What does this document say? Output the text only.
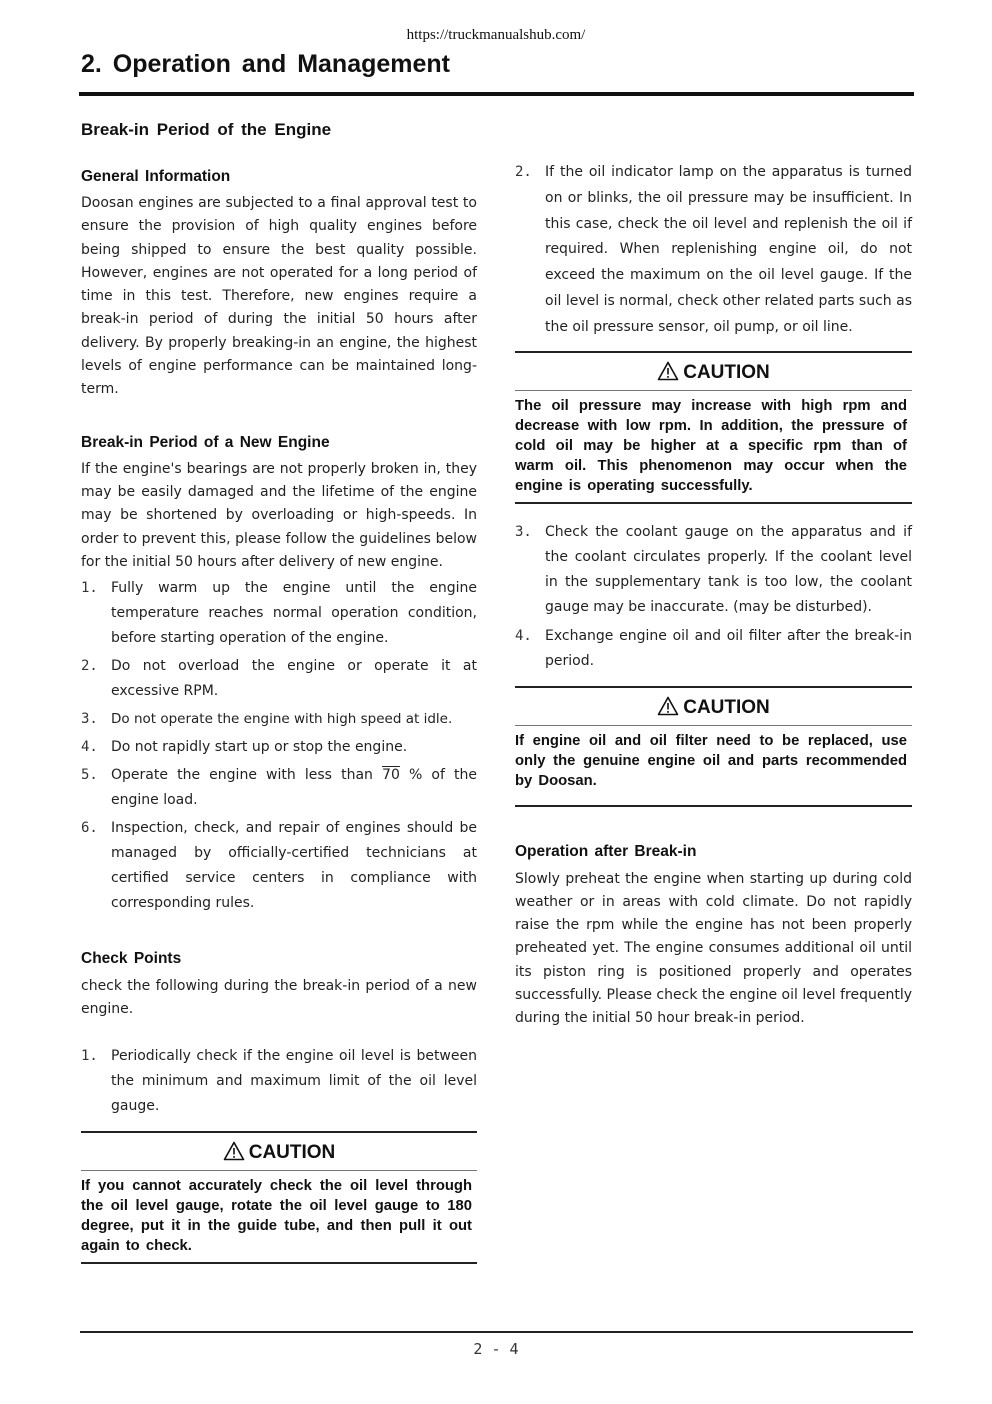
https://truckmanualshub.com/
2. Operation and Management
Break-in Period of the Engine
General Information

Doosan engines are subjected to a final approval test to ensure the provision of high quality engines before being shipped to ensure the best quality possible. However, engines are not operated for a long period of time in this test. Therefore, new engines require a break-in period of during the initial 50 hours after delivery. By properly breaking-in an engine, the highest levels of engine performance can be maintained long-term.

Break-in Period of a New Engine

If the engine's bearings are not properly broken in, they may be easily damaged and the lifetime of the engine may be shortened by overloading or high-speeds. In order to prevent this, please follow the guidelines below for the initial 50 hours after delivery of new engine.

1. Fully warm up the engine until the engine temperature reaches normal operation condition, before starting operation of the engine.
2. Do not overload the engine or operate it at excessive RPM.
3. Do not operate the engine with high speed at idle.
4. Do not rapidly start up or stop the engine.
5. Operate the engine with less than 70 % of the engine load.
6. Inspection, check, and repair of engines should be managed by officially-certified technicians at certified service centers in compliance with corresponding rules.
Check Points

check the following during the break-in period of a new engine.

1. Periodically check if the engine oil level is between the minimum and maximum limit of the oil level gauge.
CAUTION

If you cannot accurately check the oil level through the oil level gauge, rotate the oil level gauge to 180 degree, put it in the guide tube, and then pull it out again to check.

2. If the oil indicator lamp on the apparatus is turned on or blinks, the oil pressure may be insufficient. In this case, check the oil level and replenish the oil if required. When replenishing engine oil, do not exceed the maximum on the oil level gauge. If the oil level is normal, check other related parts such as the oil pressure sensor, oil pump, or oil line.
CAUTION

The oil pressure may increase with high rpm and decrease with low rpm. In addition, the pressure of cold oil may be higher at a specific rpm than of warm oil. This phenomenon may occur when the engine is operating successfully.

3. Check the coolant gauge on the apparatus and if the coolant circulates properly. If the coolant level in the supplementary tank is too low, the coolant gauge may be inaccurate. (may be disturbed).
4. Exchange engine oil and oil filter after the break-in period.
CAUTION

If engine oil and oil filter need to be replaced, use only the genuine engine oil and parts recommended by Doosan.

Operation after Break-in

Slowly preheat the engine when starting up during cold weather or in areas with cold climate. Do not rapidly raise the rpm while the engine has not been properly preheated yet. The engine consumes additional oil until its piston ring is positioned properly and operates successfully. Please check the engine oil level frequently during the initial 50 hour break-in period.

2 - 4
